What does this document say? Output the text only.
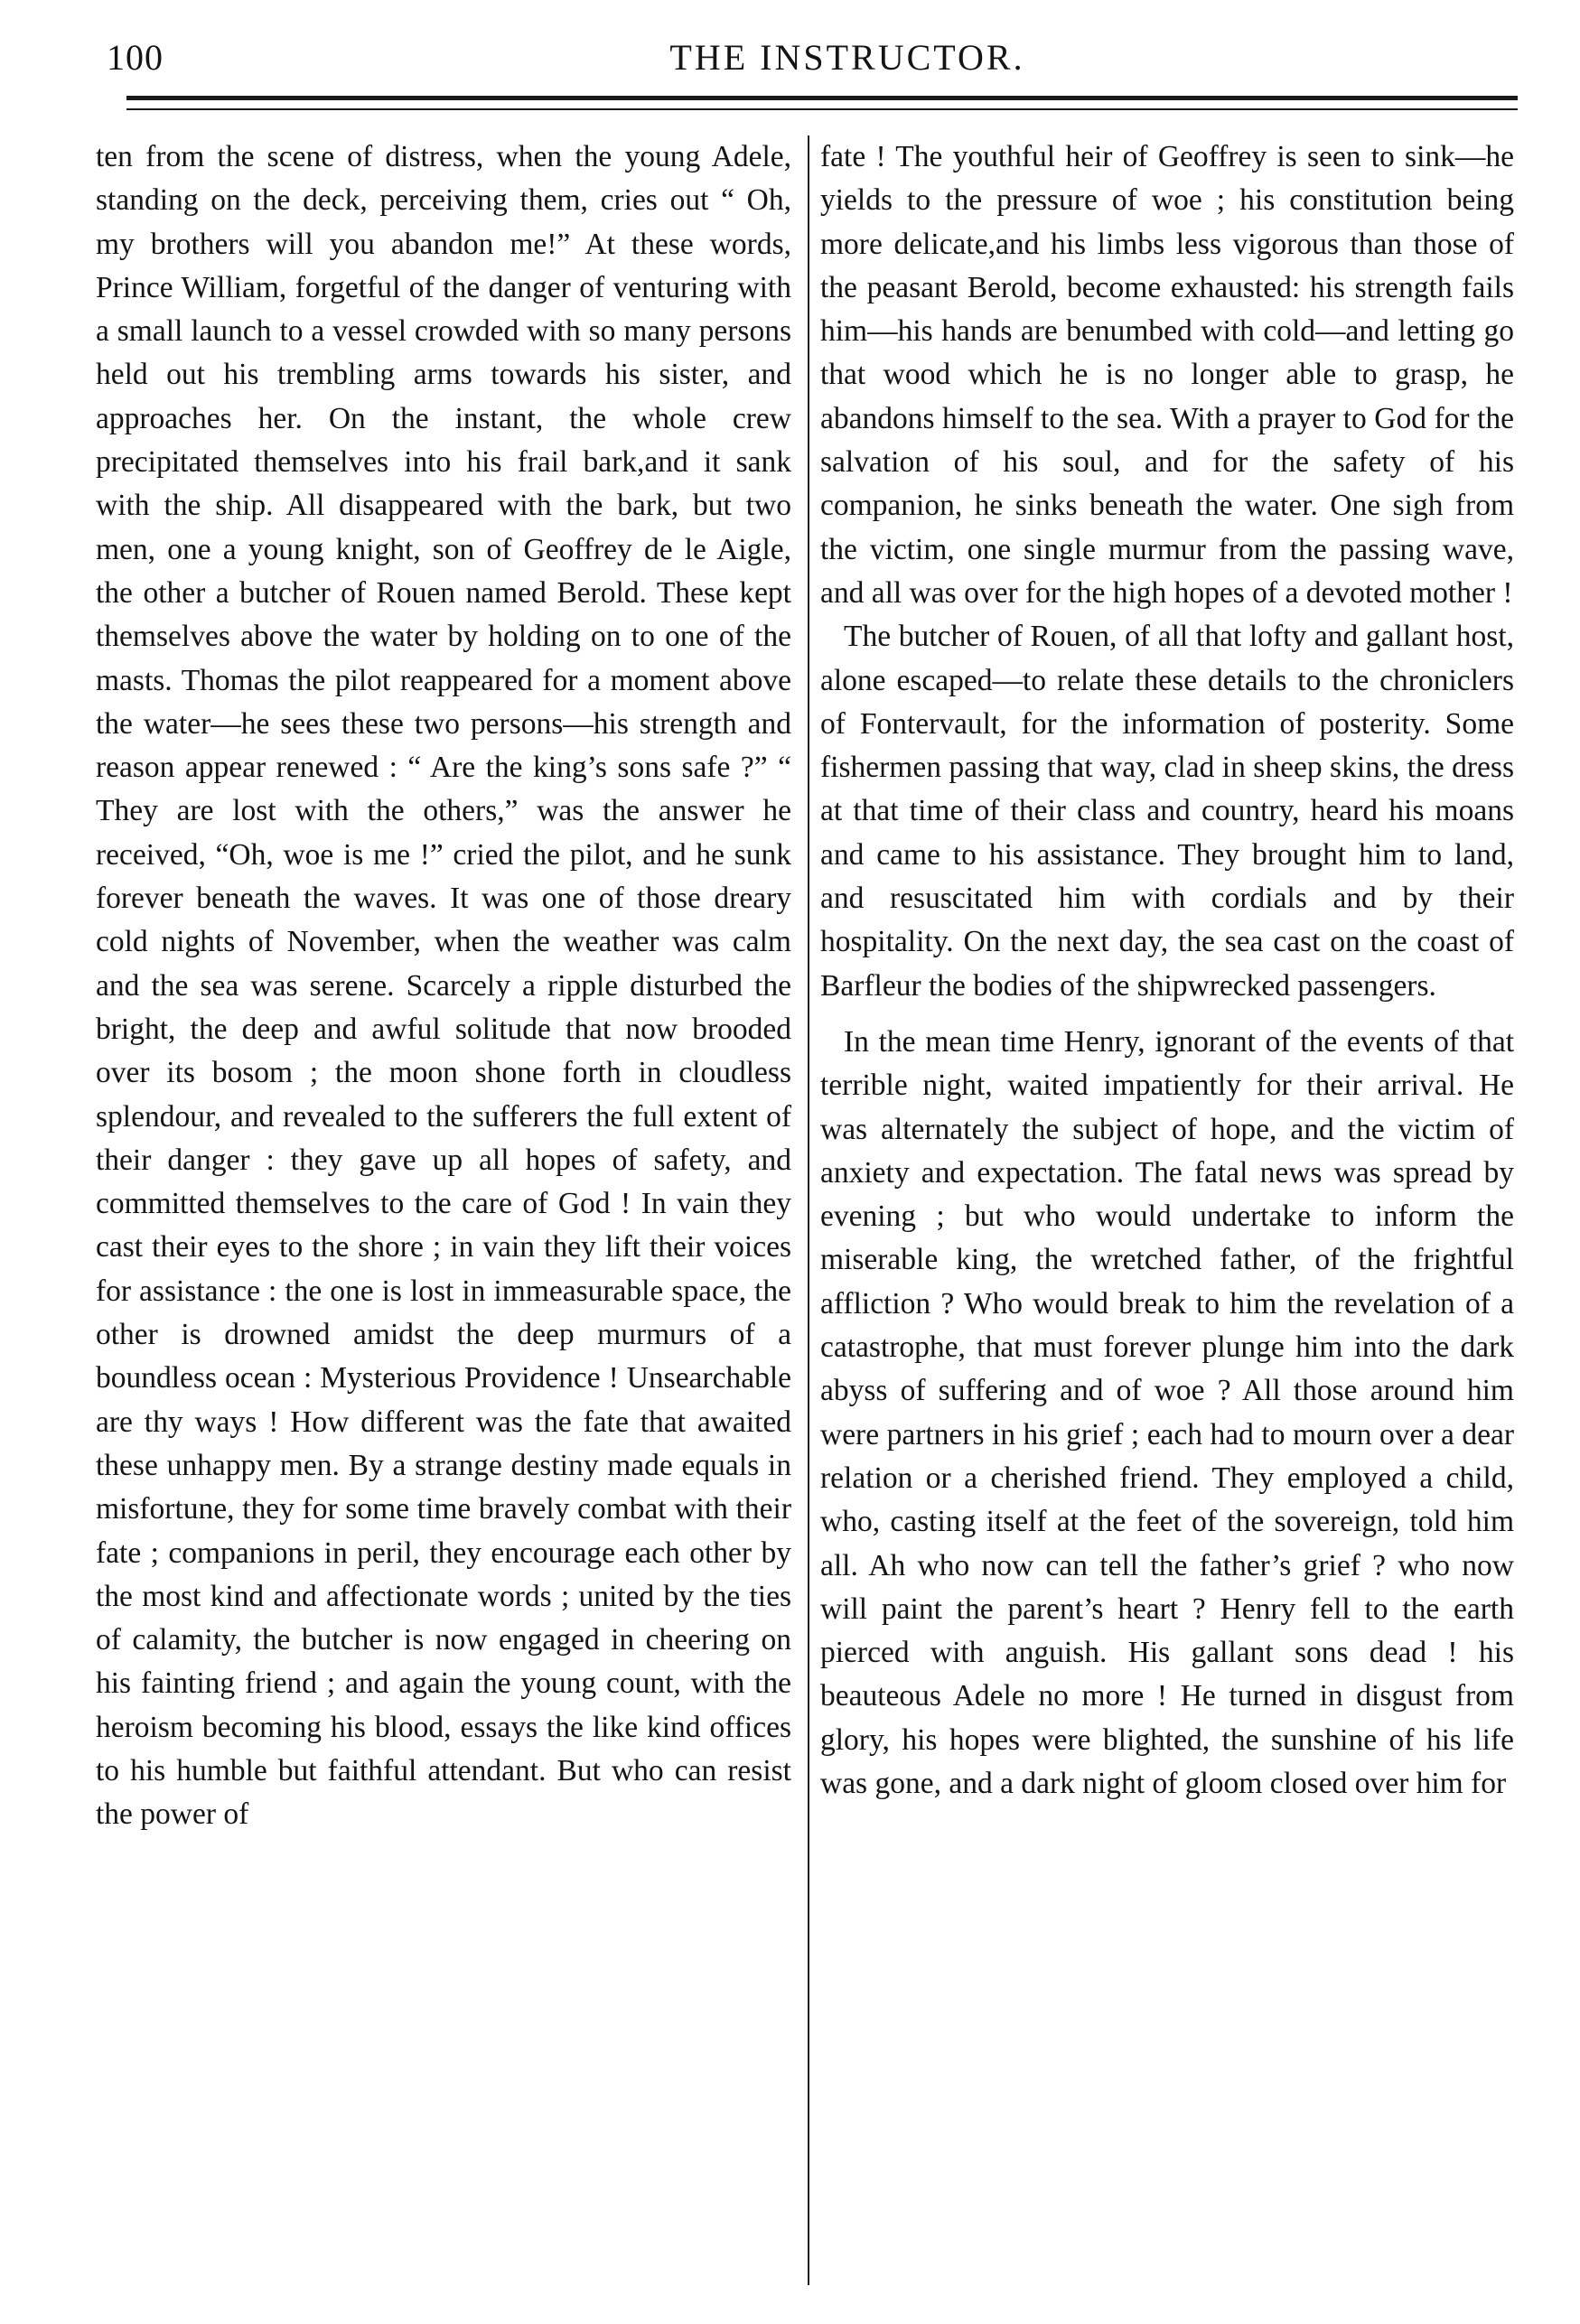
100	THE INSTRUCTOR.

ten from the scene of distress, when the young Adele, standing on the deck, perceiving them, cries out “ Oh, my brothers will you abandon me!” At these words, Prince William, forgetful of the danger of venturing with a small launch to a vessel crowded with so many persons held out his trembling arms towards his sister, and approaches her. On the instant, the whole crew precipitated themselves into his frail bark,and it sank with the ship. All disappeared with the bark, but two men, one a young knight, son of Geoffrey de le Aigle, the other a butcher of Rouen named Berold. These kept themselves above the water by holding on to one of the masts. Thomas the pilot reappeared for a moment above the water—he sees these two persons—his strength and reason appear renewed : “ Are the king’s sons safe ?” “ They are lost with the others,” was the answer he received, “Oh, woe is me !” cried the pilot, and he sunk forever beneath the waves. It was one of those dreary cold nights of November, when the weather was calm and the sea was serene. Scarcely a ripple disturbed the bright, the deep and awful solitude that now brooded over its bosom ; the moon shone forth in cloudless splendour, and revealed to the sufferers the full extent of their danger : they gave up all hopes of safety, and committed themselves to the care of God ! In vain they cast their eyes to the shore ; in vain they lift their voices for assistance : the one is lost in immeasurable space, the other is drowned amidst the deep murmurs of a boundless ocean : Mysterious Providence ! Unsearchable are thy ways ! How different was the fate that awaited these unhappy men. By a strange destiny made equals in misfortune, they for some time bravely combat with their fate ; companions in peril, they encourage each other by the most kind and affectionate words ; united by the ties of calamity, the butcher is now engaged in cheering on his fainting friend ; and again the young count, with the heroism becoming his blood, essays the like kind offices to his humble but faithful attendant. But who can resist the power of

fate ! The youthful heir of Geoffrey is seen to sink—he yields to the pressure of woe ; his constitution being more delicate,and his limbs less vigorous than those of the peasant Berold, become exhausted: his strength fails him—his hands are benumbed with cold—and letting go that wood which he is no longer able to grasp, he abandons himself to the sea. With a prayer to God for the salvation of his soul, and for the safety of his companion, he sinks beneath the water. One sigh from the victim, one single murmur from the passing wave, and all was over for the high hopes of a devoted mother !

The butcher of Rouen, of all that lofty and gallant host, alone escaped—to relate these details to the chroniclers of Fontervault, for the information of posterity. Some fishermen passing that way, clad in sheep skins, the dress at that time of their class and country, heard his moans and came to his assistance. They brought him to land, and resuscitated him with cordials and by their hospitality. On the next day, the sea cast on the coast of Barfleur the bodies of the shipwrecked passengers.

In the mean time Henry, ignorant of the events of that terrible night, waited impatiently for their arrival. He was alternately the subject of hope, and the victim of anxiety and expectation. The fatal news was spread by evening ; but who would undertake to inform the miserable king, the wretched father, of the frightful affliction ? Who would break to him the revelation of a catastrophe, that must forever plunge him into the dark abyss of suffering and of woe ? All those around him were partners in his grief ; each had to mourn over a dear relation or a cherished friend. They employed a child, who, casting itself at the feet of the sovereign, told him all. Ah who now can tell the father’s grief ? who now will paint the parent’s heart ? Henry fell to the earth pierced with anguish. His gallant sons dead ! his beauteous Adele no more ! He turned in disgust from glory, his hopes were blighted, the sunshine of his life was gone, and a dark night of gloom closed over him for
